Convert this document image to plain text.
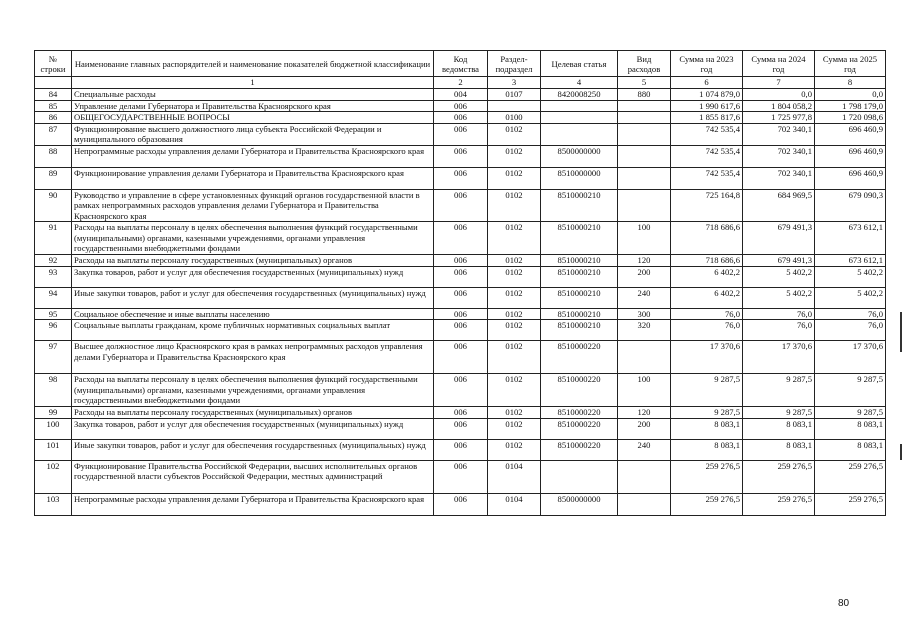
№ строки	Наименование главных распорядителей и наименование показателей бюджетной классификации	Код ведомства	Раздел-подраздел	Целевая статья	Вид расходов	Сумма на 2023 год	Сумма на 2024 год	Сумма на 2025 год
	1	2	3	4	5	6	7	8
84	Специальные расходы	004	0107	8420008250	880	1 074 879,0	0,0	0,0
85	Управление делами Губернатора и Правительства Красноярского края	006				1 990 617,6	1 804 058,2	1 798 179,0
86	ОБЩЕГОСУДАРСТВЕННЫЕ ВОПРОСЫ	006	0100			1 855 817,6	1 725 977,8	1 720 098,6
87	Функционирование высшего должностного лица субъекта Российской Федерации и муниципального образования	006	0102			742 535,4	702 340,1	696 460,9
88	Непрограммные расходы управления делами Губернатора и Правительства Красноярского края	006	0102	8500000000		742 535,4	702 340,1	696 460,9
89	Функционирование управления делами Губернатора и Правительства Красноярского края	006	0102	8510000000		742 535,4	702 340,1	696 460,9
90	Руководство и управление в сфере установленных функций органов государственной власти в рамках непрограммных расходов управления делами Губернатора и Правительства Красноярского края	006	0102	8510000210		725 164,8	684 969,5	679 090,3
91	Расходы на выплаты персоналу в целях обеспечения выполнения функций государственными (муниципальными) органами, казенными учреждениями, органами управления государственными внебюджетными фондами	006	0102	8510000210	100	718 686,6	679 491,3	673 612,1
92	Расходы на выплаты персоналу государственных (муниципальных) органов	006	0102	8510000210	120	718 686,6	679 491,3	673 612,1
93	Закупка товаров, работ и услуг для обеспечения государственных (муниципальных) нужд	006	0102	8510000210	200	6 402,2	5 402,2	5 402,2
94	Иные закупки товаров, работ и услуг для обеспечения государственных (муниципальных) нужд	006	0102	8510000210	240	6 402,2	5 402,2	5 402,2
95	Социальное обеспечение и иные выплаты населению	006	0102	8510000210	300	76,0	76,0	76,0
96	Социальные выплаты гражданам, кроме публичных нормативных социальных выплат	006	0102	8510000210	320	76,0	76,0	76,0
97	Высшее должностное лицо Красноярского края в рамках непрограммных расходов управления делами Губернатора и Правительства Красноярского края	006	0102	8510000220		17 370,6	17 370,6	17 370,6
98	Расходы на выплаты персоналу в целях обеспечения выполнения функций государственными (муниципальными) органами, казенными учреждениями, органами управления государственными внебюджетными фондами	006	0102	8510000220	100	9 287,5	9 287,5	9 287,5
99	Расходы на выплаты персоналу государственных (муниципальных) органов	006	0102	8510000220	120	9 287,5	9 287,5	9 287,5
100	Закупка товаров, работ и услуг для обеспечения государственных (муниципальных) нужд	006	0102	8510000220	200	8 083,1	8 083,1	8 083,1
101	Иные закупки товаров, работ и услуг для обеспечения государственных (муниципальных) нужд	006	0102	8510000220	240	8 083,1	8 083,1	8 083,1
102	Функционирование Правительства Российской Федерации, высших исполнительных органов государственной власти субъектов Российской Федерации, местных администраций	006	0104			259 276,5	259 276,5	259 276,5
103	Непрограммные расходы управления делами Губернатора и Правительства Красноярского края	006	0104	8500000000		259 276,5	259 276,5	259 276,5
80
